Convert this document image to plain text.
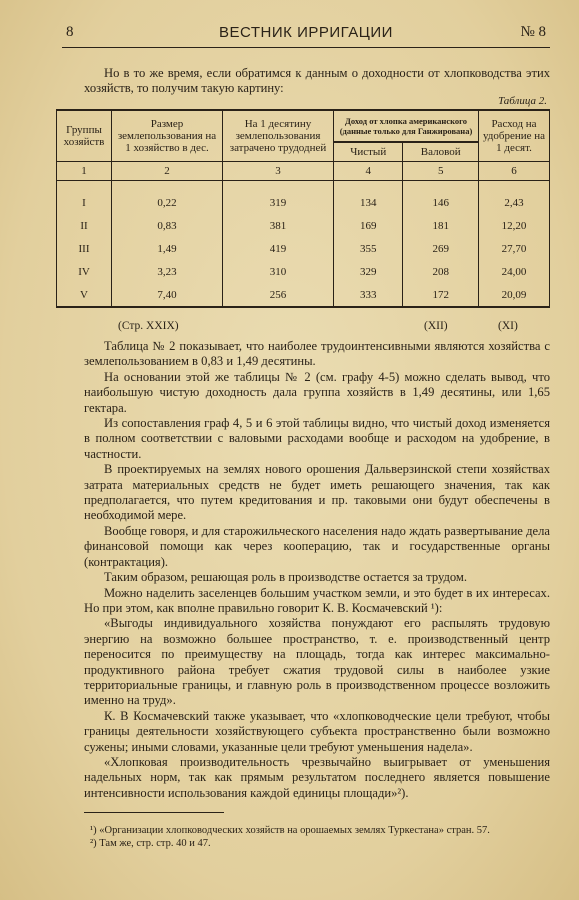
8	ВЕСТНИК ИРРИГАЦИИ	№ 8

Но в то же время, если обратимся к данным о доходности от хлопководства этих хозяйств, то получим такую картину:

Таблица 2.
Группы хозяйств	Размер землепользования на 1 хозяйство в дес.	На 1 десятину землепользования затрачено трудодней	Доход от хлопка американского (данные только для Ганжирована)		Расход на удобрение на 1 десят.
			Чистый	Валовой	
1	2	3	4	5	6

I	0,22	319	134	146	2,43
II	0,83	381	169	181	12,20
III	1,49	419	355	269	27,70
IV	3,23	310	329	208	24,00
V	7,40	256	333	172	20,09
(Стр. XXIX)	(XII)	(XI)

Таблица № 2 показывает, что наиболее трудоинтенсивными являются хозяйства с землепользованием в 0,83 и 1,49 десятины.

На основании этой же таблицы № 2 (см. графу 4-5) можно сделать вывод, что наибольшую чистую доходность дала группа хозяйств в 1,49 десятины, или 1,65 гектара.

Из сопоставления граф 4, 5 и 6 этой таблицы видно, что чистый доход изменяется в полном соответствии с валовыми расходами вообще и расходом на удобрение, в частности.

В проектируемых на землях нового орошения Дальверзинской степи хозяйствах затрата материальных средств не будет иметь решающего значения, так как предполагается, что путем кредитования и пр. таковыми они будут обеспечены в необходимой мере.

Вообще говоря, и для старожильческого населения надо ждать развертывание дела финансовой помощи как через кооперацию, так и государственные органы (контрактация).

Таким образом, решающая роль в производстве остается за трудом.

Можно наделить заселенцев большим участком земли, и это будет в их интересах. Но при этом, как вполне правильно говорит К. В. Космачевский ¹):

«Выгоды индивидуального хозяйства понуждают его распылять трудовую энергию на возможно большее пространство, т. е. производственный центр переносится по преимуществу на площадь, тогда как интерес максимально-продуктивного района требует сжатия трудовой силы в наиболее узкие территориальные границы, и главную роль в производственном процессе возложить именно на труд».

К. В Космачевский также указывает, что «хлопководческие цели требуют, чтобы границы деятельности хозяйствующего субъекта пространственно были возможно сужены; иными словами, указанные цели требуют уменьшения надела».

«Хлопковая производительность чрезвычайно выигрывает от уменьшения надельных норм, так как прямым результатом последнего является повышение интенсивности использования каждой единицы площади»²).

¹) «Организации хлопководческих хозяйств на орошаемых землях Туркестана» стран. 57.

²) Там же, стр. стр. 40 и 47.
